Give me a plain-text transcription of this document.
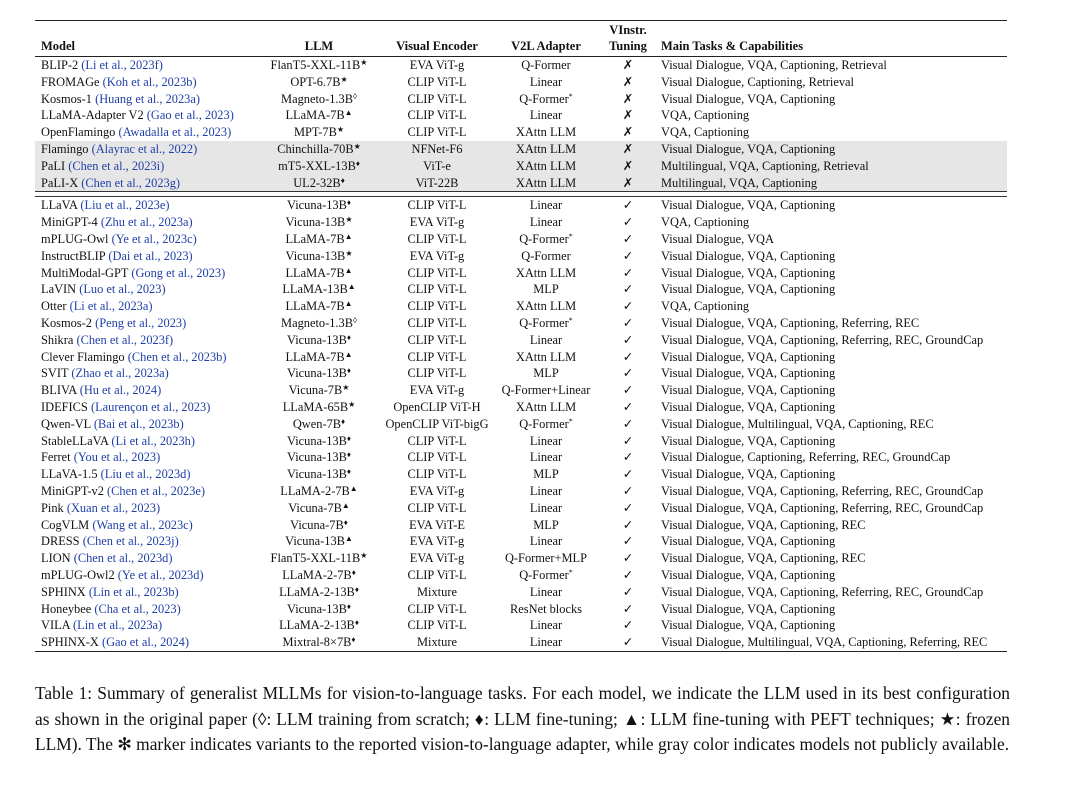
Model	LLM	Visual Encoder	V2L Adapter	VInstr. Tuning	Main Tasks & Capabilities
BLIP-2 (Li et al., 2023f)	FlanT5-XXL-11B★	EVA ViT-g	Q-Former	✗	Visual Dialogue, VQA, Captioning, Retrieval
FROMAGe (Koh et al., 2023b)	OPT-6.7B★	CLIP ViT-L	Linear	✗	Visual Dialogue, Captioning, Retrieval
Kosmos-1 (Huang et al., 2023a)	Magneto-1.3B◊	CLIP ViT-L	Q-Former*	✗	Visual Dialogue, VQA, Captioning
LLaMA-Adapter V2 (Gao et al., 2023)	LLaMA-7B▲	CLIP ViT-L	Linear	✗	VQA, Captioning
OpenFlamingo (Awadalla et al., 2023)	MPT-7B★	CLIP ViT-L	XAttn LLM	✗	VQA, Captioning
Flamingo (Alayrac et al., 2022)	Chinchilla-70B★	NFNet-F6	XAttn LLM	✗	Visual Dialogue, VQA, Captioning
PaLI (Chen et al., 2023i)	mT5-XXL-13B♦	ViT-e	XAttn LLM	✗	Multilingual, VQA, Captioning, Retrieval
PaLI-X (Chen et al., 2023g)	UL2-32B♦	ViT-22B	XAttn LLM	✗	Multilingual, VQA, Captioning

LLaVA (Liu et al., 2023e)	Vicuna-13B♦	CLIP ViT-L	Linear	✓	Visual Dialogue, VQA, Captioning
MiniGPT-4 (Zhu et al., 2023a)	Vicuna-13B★	EVA ViT-g	Linear	✓	VQA, Captioning
mPLUG-Owl (Ye et al., 2023c)	LLaMA-7B▲	CLIP ViT-L	Q-Former*	✓	Visual Dialogue, VQA
InstructBLIP (Dai et al., 2023)	Vicuna-13B★	EVA ViT-g	Q-Former	✓	Visual Dialogue, VQA, Captioning
MultiModal-GPT (Gong et al., 2023)	LLaMA-7B▲	CLIP ViT-L	XAttn LLM	✓	Visual Dialogue, VQA, Captioning
LaVIN (Luo et al., 2023)	LLaMA-13B▲	CLIP ViT-L	MLP	✓	Visual Dialogue, VQA, Captioning
Otter (Li et al., 2023a)	LLaMA-7B▲	CLIP ViT-L	XAttn LLM	✓	VQA, Captioning
Kosmos-2 (Peng et al., 2023)	Magneto-1.3B◊	CLIP ViT-L	Q-Former*	✓	Visual Dialogue, VQA, Captioning, Referring, REC
Shikra (Chen et al., 2023f)	Vicuna-13B♦	CLIP ViT-L	Linear	✓	Visual Dialogue, VQA, Captioning, Referring, REC, GroundCap
Clever Flamingo (Chen et al., 2023b)	LLaMA-7B▲	CLIP ViT-L	XAttn LLM	✓	Visual Dialogue, VQA, Captioning
SVIT (Zhao et al., 2023a)	Vicuna-13B♦	CLIP ViT-L	MLP	✓	Visual Dialogue, VQA, Captioning
BLIVA (Hu et al., 2024)	Vicuna-7B★	EVA ViT-g	Q-Former+Linear	✓	Visual Dialogue, VQA, Captioning
IDEFICS (Laurençon et al., 2023)	LLaMA-65B★	OpenCLIP ViT-H	XAttn LLM	✓	Visual Dialogue, VQA, Captioning
Qwen-VL (Bai et al., 2023b)	Qwen-7B♦	OpenCLIP ViT-bigG	Q-Former*	✓	Visual Dialogue, Multilingual, VQA, Captioning, REC
StableLLaVA (Li et al., 2023h)	Vicuna-13B♦	CLIP ViT-L	Linear	✓	Visual Dialogue, VQA, Captioning
Ferret (You et al., 2023)	Vicuna-13B♦	CLIP ViT-L	Linear	✓	Visual Dialogue, Captioning, Referring, REC, GroundCap
LLaVA-1.5 (Liu et al., 2023d)	Vicuna-13B♦	CLIP ViT-L	MLP	✓	Visual Dialogue, VQA, Captioning
MiniGPT-v2 (Chen et al., 2023e)	LLaMA-2-7B▲	EVA ViT-g	Linear	✓	Visual Dialogue, VQA, Captioning, Referring, REC, GroundCap
Pink (Xuan et al., 2023)	Vicuna-7B▲	CLIP ViT-L	Linear	✓	Visual Dialogue, VQA, Captioning, Referring, REC, GroundCap
CogVLM (Wang et al., 2023c)	Vicuna-7B♦	EVA ViT-E	MLP	✓	Visual Dialogue, VQA, Captioning, REC
DRESS (Chen et al., 2023j)	Vicuna-13B▲	EVA ViT-g	Linear	✓	Visual Dialogue, VQA, Captioning
LION (Chen et al., 2023d)	FlanT5-XXL-11B★	EVA ViT-g	Q-Former+MLP	✓	Visual Dialogue, VQA, Captioning, REC
mPLUG-Owl2 (Ye et al., 2023d)	LLaMA-2-7B♦	CLIP ViT-L	Q-Former*	✓	Visual Dialogue, VQA, Captioning
SPHINX (Lin et al., 2023b)	LLaMA-2-13B♦	Mixture	Linear	✓	Visual Dialogue, VQA, Captioning, Referring, REC, GroundCap
Honeybee (Cha et al., 2023)	Vicuna-13B♦	CLIP ViT-L	ResNet blocks	✓	Visual Dialogue, VQA, Captioning
VILA (Lin et al., 2023a)	LLaMA-2-13B♦	CLIP ViT-L	Linear	✓	Visual Dialogue, VQA, Captioning
SPHINX-X (Gao et al., 2024)	Mixtral-8×7B♦	Mixture	Linear	✓	Visual Dialogue, Multilingual, VQA, Captioning, Referring, REC
Table 1: Summary of generalist MLLMs for vision-to-language tasks. For each model, we indicate the LLM used in its best configuration as shown in the original paper (◊: LLM training from scratch; ♦: LLM fine-tuning; ▲: LLM fine-tuning with PEFT techniques; ★: frozen LLM). The ✻ marker indicates variants to the reported vision-to-language adapter, while gray color indicates models not publicly available.
